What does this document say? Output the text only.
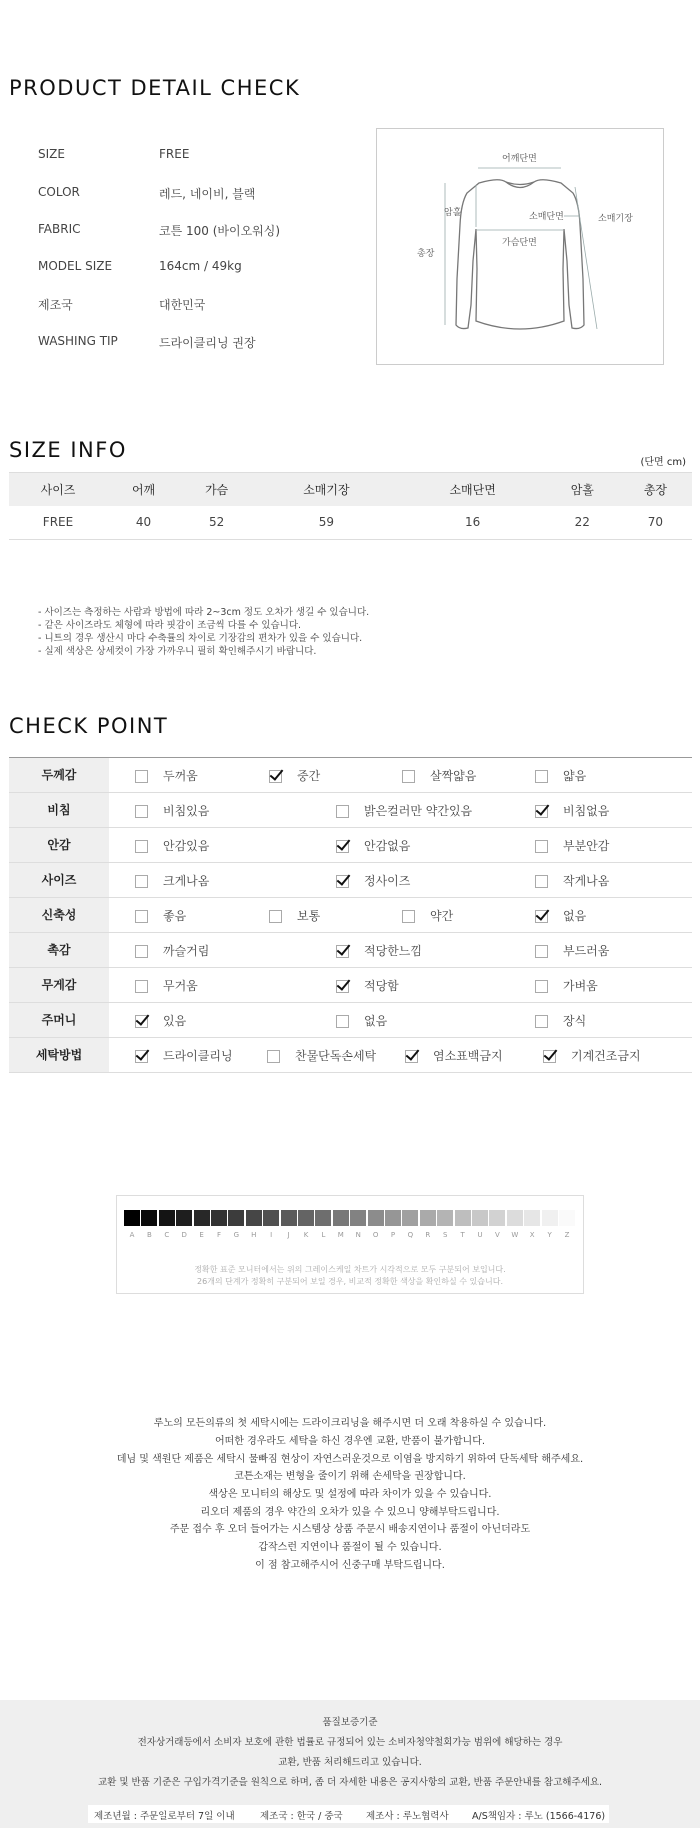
PRODUCT DETAIL CHECK
SIZE	FREE
COLOR	레드, 네이비, 블랙
FABRIC	코튼 100 (바이오워싱)
MODEL SIZE	164cm / 49kg
제조국	대한민국
WASHING TIP	드라이클리닝 권장
어깨단면
암홀	소매단면	소매기장
가슴단면
총장
SIZE INFO
(단면 cm)
사이즈	어깨	가슴	소매기장	소매단면	암홀	총장
FREE	40	52	59	16	22	70
- 사이즈는 측정하는 사람과 방법에 따라 2~3cm 정도 오차가 생길 수 있습니다.
- 같은 사이즈라도 체형에 따라 핏감이 조금씩 다를 수 있습니다.
- 니트의 경우 생산시 마다 수축률의 차이로 기장감의 편차가 있을 수 있습니다.
- 실제 색상은 상세컷이 가장 가까우니 필히 확인해주시기 바랍니다.
CHECK POINT
두께감	두꺼움	중간	살짝얇음	얇음
비침	비침있음	밝은컬러만 약간있음	비침없음
안감	안감있음	안감없음	부분안감
사이즈	크게나옴	정사이즈	작게나옴
신축성	좋음	보통	약간	없음
촉감	까슬거림	적당한느낌	부드러움
무게감	무거움	적당함	가벼움
주머니	있음	없음	장식
세탁방법	드라이클리닝	찬물단독손세탁	염소표백금지	기계건조금지
정확한 표준 모니터에서는 위의 그레이스케일 차트가 시각적으로 모두 구분되어 보입니다.
26개의 단계가 정확히 구분되어 보일 경우, 비교적 정확한 색상을 확인하실 수 있습니다.
A	B	C	D	E	F	G	H	I	J	K	L	M	N	O	P	Q	R	S	T	U	V	W	X	Y	Z
루노의 모든의류의 첫 세탁시에는 드라이크리닝을 해주시면 더 오래 착용하실 수 있습니다.
어떠한 경우라도 세탁을 하신 경우엔 교환, 반품이 불가합니다.
데님 및 색원단 제품은 세탁시 물빠짐 현상이 자연스러운것으로 이염을 방지하기 위하여 단독세탁 해주세요.
코튼소재는 변형을 줄이기 위해 손세탁을 권장합니다.
색상은 모니터의 해상도 및 설정에 따라 차이가 있을 수 있습니다.
리오더 제품의 경우 약간의 오차가 있을 수 있으니 양해부탁드립니다.
주문 접수 후 오더 들어가는 시스템상 상품 주문시 배송지연이나 품절이 아닌더라도
갑작스런 지연이나 품절이 될 수 있습니다.
이 점 참고해주시어 신중구매 부탁드립니다.
품질보증기준
전자상거래등에서 소비자 보호에 관한 법률로 규정되어 있는 소비자청약철회가능 범위에 해당하는 경우
교환, 반품 처리해드리고 있습니다.
교환 및 반품 기준은 구입가격기준을 원칙으로 하며, 좀 더 자세한 내용은 공지사항의 교환, 반품 주문안내를 참고해주세요.
제조년월 : 주문일로부터 7일 이내	제조국 : 한국 / 중국 제조사 : 루노협력사 A/S책임자 : 루노 (1566-4176)
